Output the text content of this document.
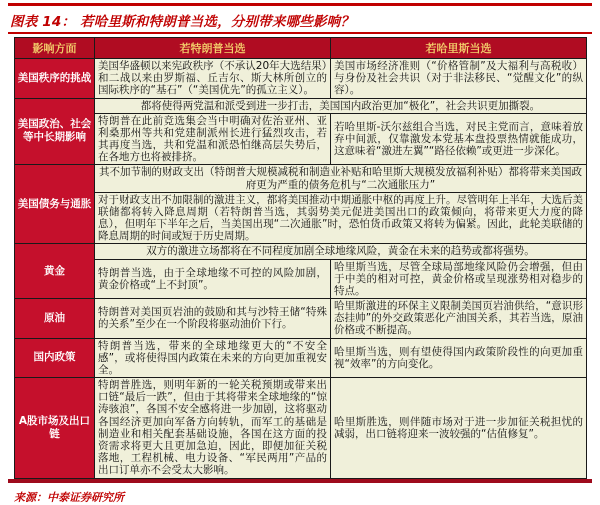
图表 14： 若哈里斯和特朗普当选，分别带来哪些影响？
影响方面	若特朗普当选	若哈里斯当选
美国秩序的挑战	美国华盛顿以来宪政秩序（不承认20年大选结果）和二战以来由罗斯福、丘吉尔、斯大林所创立的国际秩序的“基石”（“美国优先”的孤立主义）。	美国市场经济准则（“价格管制”及大福利与高税收）与身份及社会共识（对于非法移民、“觉醒文化”的纵容）。
美国政治、社会等中长期影响	都将使得两党温和派受到进一步打击，美国国内政治更加“极化”，社会共识更加撕裂。	
	特朗普在此前竞选集会当中明确对佐治亚州、亚利桑那州等共和党建制派州长进行猛烈攻击，若其再度当选，共和党温和派恐怕继高层失势后，在各地方也将被排挤。	若哈里斯-沃尔兹组合当选，对民主党而言，意味着放弃中间派，仅靠激发本党基本盘投票热情就能成功，这意味着“激进左翼”“路径依赖”或更进一步深化。
美国债务与通胀	其不加节制的财政支出（特朗普大规模减税和制造业补贴和哈里斯大规模发放福利补贴）都将带来美国政府更为严重的债务危机与“二次通胀压力”	
	对于财政支出不加限制的激进主义，都将美国推动中期通胀中枢的再度上升。尽管明年上半年，大选后美联储都将转入降息周期（若特朗普当选，其弱势美元促进美国出口的政策倾向，将带来更大力度的降息），但明年下半年之后，当美国出现“二次通胀”时，恐怕货币政策又将转为偏紧。因此，此轮美联储的降息周期的时间或短于历史周期。	
黄金	双方的激进立场都将在不同程度加剧全球地缘风险，黄金在未来的趋势或都将强势。	
	特朗普当选，由于全球地缘不可控的风险加剧，黄金价格或“上不封顶”。	哈里斯当选，尽管全球局部地缘风险仍会增强，但由于中美的相对可控，黄金价格或呈现涨势相对稳步的特点。
原油	特朗普对美国页岩油的鼓励和其与沙特王储“特殊的关系”至少在一个阶段将驱动油价下行。	哈里斯激进的环保主义限制美国页岩油供给，“意识形态挂帅”的外交政策恶化产油国关系，其若当选，原油价格或不断提高。
国内政策	特朗普当选，带来的全球地缘更大的“不安全感”，或将使得国内政策在未来的方向更加重视安全。	哈里斯当选，则有望使得国内政策阶段性的向更加重视“效率”的方向变化。
A股市场及出口链	特朗普胜选，则明年新的一轮关税预期或带来出口链“最后一跌”，但由于其将带来全球地缘的“惊涛骇浪”，各国不安全感将进一步加剧，这将驱动各国经济更加向军备方向转轨，而军工的基础是制造业和相关配套基础设施，各国在这方面的投资需求将更大且更加急迫，因此，即便加征关税落地，工程机械、电力设备、“军民两用”产品的出口订单亦不会受太大影响。	哈里斯胜选，则伴随市场对于进一步加征关税担忧的减弱，出口链将迎来一波较强的“估值修复”。
来源：中泰证券研究所
